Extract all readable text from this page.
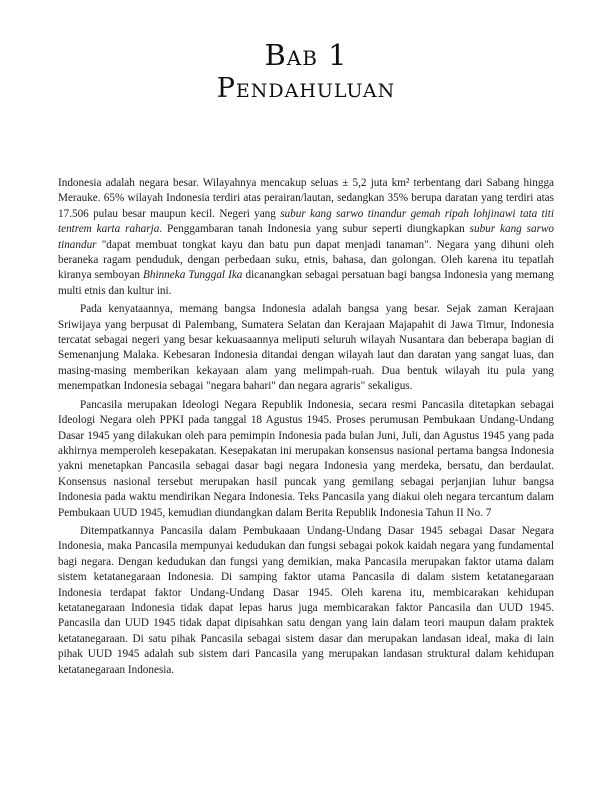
Bab 1
Pendahuluan

Indonesia adalah negara besar. Wilayahnya mencakup seluas ± 5,2 juta km² terbentang dari Sabang hingga Merauke. 65% wilayah Indonesia terdiri atas perairan/lautan, sedangkan 35% berupa daratan yang terdiri atas 17.506 pulau besar maupun kecil. Negeri yang subur kang sarwo tinandur gemah ripah lohjinawi tata titi tentrem karta raharja. Penggambaran tanah Indonesia yang subur seperti diungkapkan subur kang sarwo tinandur "dapat membuat tongkat kayu dan batu pun dapat menjadi tanaman". Negara yang dihuni oleh beraneka ragam penduduk, dengan perbedaan suku, etnis, bahasa, dan golongan. Oleh karena itu tepatlah kiranya semboyan Bhinneka Tunggal Ika dicanangkan sebagai persatuan bagi bangsa Indonesia yang memang multi etnis dan kultur ini.

Pada kenyataannya, memang bangsa Indonesia adalah bangsa yang besar. Sejak zaman Kerajaan Sriwijaya yang berpusat di Palembang, Sumatera Selatan dan Kerajaan Majapahit di Jawa Timur, Indonesia tercatat sebagai negeri yang besar kekuasaannya meliputi seluruh wilayah Nusantara dan beberapa bagian di Semenanjung Malaka. Kebesaran Indonesia ditandai dengan wilayah laut dan daratan yang sangat luas, dan masing-masing memberikan kekayaan alam yang melimpah-ruah. Dua bentuk wilayah itu pula yang menempatkan Indonesia sebagai "negara bahari" dan negara agraris" sekaligus.

Pancasila merupakan Ideologi Negara Republik Indonesia, secara resmi Pancasila ditetapkan sebagai Ideologi Negara oleh PPKI pada tanggal 18 Agustus 1945. Proses perumusan Pembukaan Undang-Undang Dasar 1945 yang dilakukan oleh para pemimpin Indonesia pada bulan Juni, Juli, dan Agustus 1945 yang pada akhirnya memperoleh kesepakatan. Kesepakatan ini merupakan konsensus nasional pertama bangsa Indonesia yakni menetapkan Pancasila sebagai dasar bagi negara Indonesia yang merdeka, bersatu, dan berdaulat. Konsensus nasional tersebut merupakan hasil puncak yang gemilang sebagai perjanjian luhur bangsa Indonesia pada waktu mendirikan Negara Indonesia. Teks Pancasila yang diakui oleh negara tercantum dalam Pembukaan UUD 1945, kemudian diundangkan dalam Berita Republik Indonesia Tahun II No. 7

Ditempatkannya Pancasila dalam Pembukaaan Undang-Undang Dasar 1945 sebagai Dasar Negara Indonesia, maka Pancasila mempunyai kedudukan dan fungsi sebagai pokok kaidah negara yang fundamental bagi negara. Dengan kedudukan dan fungsi yang demikian, maka Pancasila merupakan faktor utama dalam sistem ketatanegaraan Indonesia. Di samping faktor utama Pancasila di dalam sistem ketatanegaraan Indonesia terdapat faktor Undang-Undang Dasar 1945. Oleh karena itu, membicarakan kehidupan ketatanegaraan Indonesia tidak dapat lepas harus juga membicarakan faktor Pancasila dan UUD 1945. Pancasila dan UUD 1945 tidak dapat dipisahkan satu dengan yang lain dalam teori maupun dalam praktek ketatanegaraan. Di satu pihak Pancasila sebagai sistem dasar dan merupakan landasan ideal, maka di lain pihak UUD 1945 adalah sub sistem dari Pancasila yang merupakan landasan struktural dalam kehidupan ketatanegaraan Indonesia.
